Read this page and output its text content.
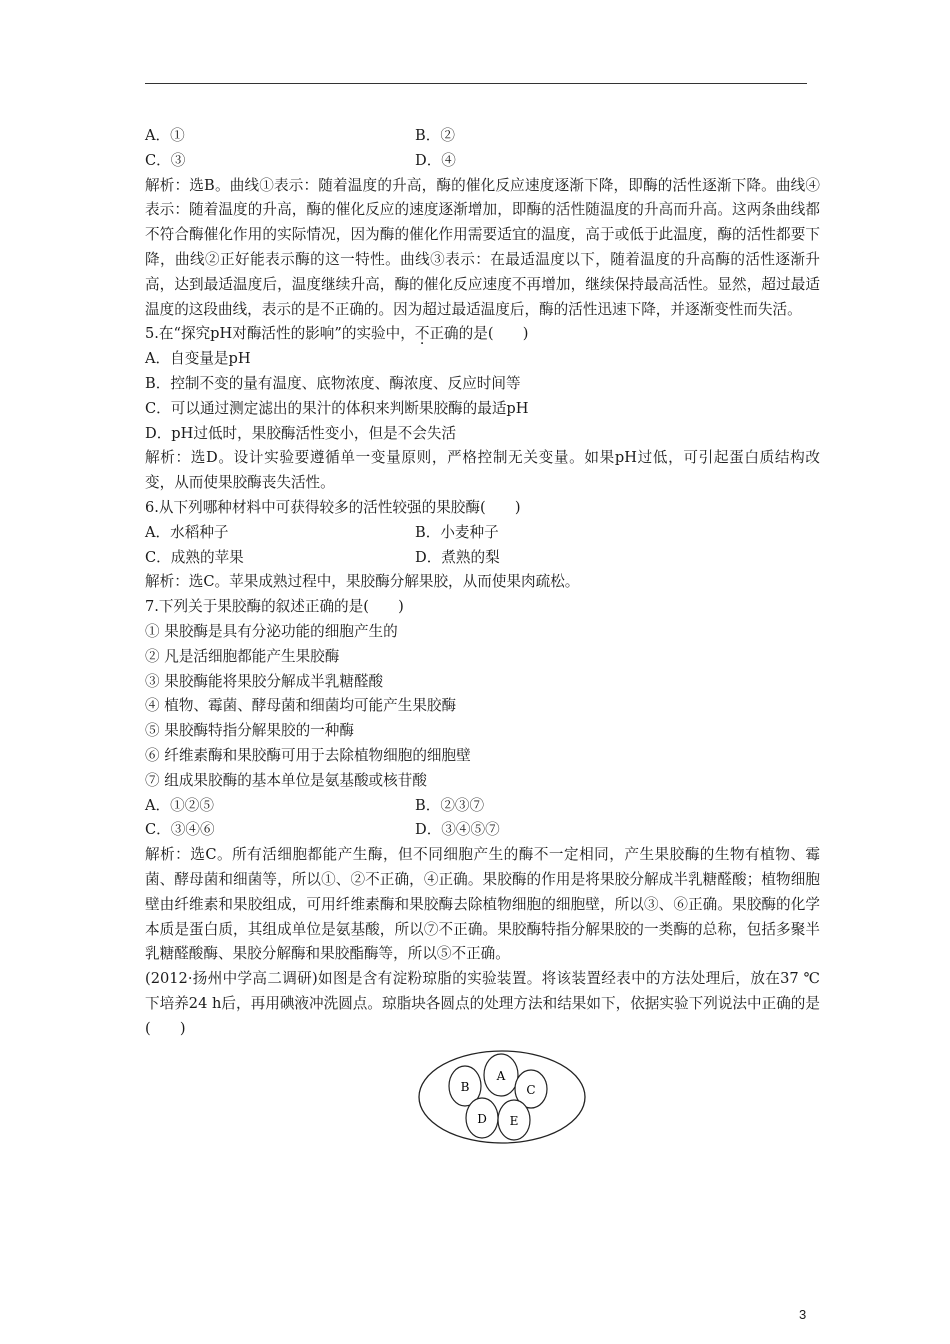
A．①	B．②
C．③	D．④
解析：选B。曲线①表示：随着温度的升高，酶的催化反应速度逐渐下降，即酶的活性逐渐下降。曲线④表示：随着温度的升高，酶的催化反应的速度逐渐增加，即酶的活性随温度的升高而升高。这两条曲线都不符合酶催化作用的实际情况，因为酶的催化作用需要适宜的温度，高于或低于此温度，酶的活性都要下降，曲线②正好能表示酶的这一特性。曲线③表示：在最适温度以下，随着温度的升高酶的活性逐渐升高，达到最适温度后，温度继续升高，酶的催化反应速度不再增加，继续保持最高活性。显然，超过最适温度的这段曲线，表示的是不正确的。因为超过最适温度后，酶的活性迅速下降，并逐渐变性而失活。
5.在“探究pH对酶活性的影响”的实验中，不正确的是(　　)
A．自变量是pH
B．控制不变的量有温度、底物浓度、酶浓度、反应时间等
C．可以通过测定滤出的果汁的体积来判断果胶酶的最适pH
D．pH过低时，果胶酶活性变小，但是不会失活
解析：选D。设计实验要遵循单一变量原则，严格控制无关变量。如果pH过低，可引起蛋白质结构改变，从而使果胶酶丧失活性。
6.从下列哪种材料中可获得较多的活性较强的果胶酶(　　)
A．水稻种子	B．小麦种子
C．成熟的苹果	D．煮熟的梨
解析：选C。苹果成熟过程中，果胶酶分解果胶，从而使果肉疏松。
7.下列关于果胶酶的叙述正确的是(　　)
① 果胶酶是具有分泌功能的细胞产生的
② 凡是活细胞都能产生果胶酶
③ 果胶酶能将果胶分解成半乳糖醛酸
④ 植物、霉菌、酵母菌和细菌均可能产生果胶酶
⑤ 果胶酶特指分解果胶的一种酶
⑥ 纤维素酶和果胶酶可用于去除植物细胞的细胞壁
⑦ 组成果胶酶的基本单位是氨基酸或核苷酸
A．①②⑤	B．②③⑦
C．③④⑥	D．③④⑤⑦
解析：选C。所有活细胞都能产生酶，但不同细胞产生的酶不一定相同，产生果胶酶的生物有植物、霉菌、酵母菌和细菌等，所以①、②不正确，④正确。果胶酶的作用是将果胶分解成半乳糖醛酸；植物细胞壁由纤维素和果胶组成，可用纤维素酶和果胶酶去除植物细胞的细胞壁，所以③、⑥正确。果胶酶的化学本质是蛋白质，其组成单位是氨基酸，所以⑦不正确。果胶酶特指分解果胶的一类酶的总称，包括多聚半乳糖醛酸酶、果胶分解酶和果胶酯酶等，所以⑤不正确。
(2012·扬州中学高二调研)如图是含有淀粉琼脂的实验装置。将该装置经表中的方法处理后，放在37 ℃下培养24 h后，再用碘液冲洗圆点。琼脂块各圆点的处理方法和结果如下，依据实验下列说法中正确的是(　　)
A
B	C
D E
3
